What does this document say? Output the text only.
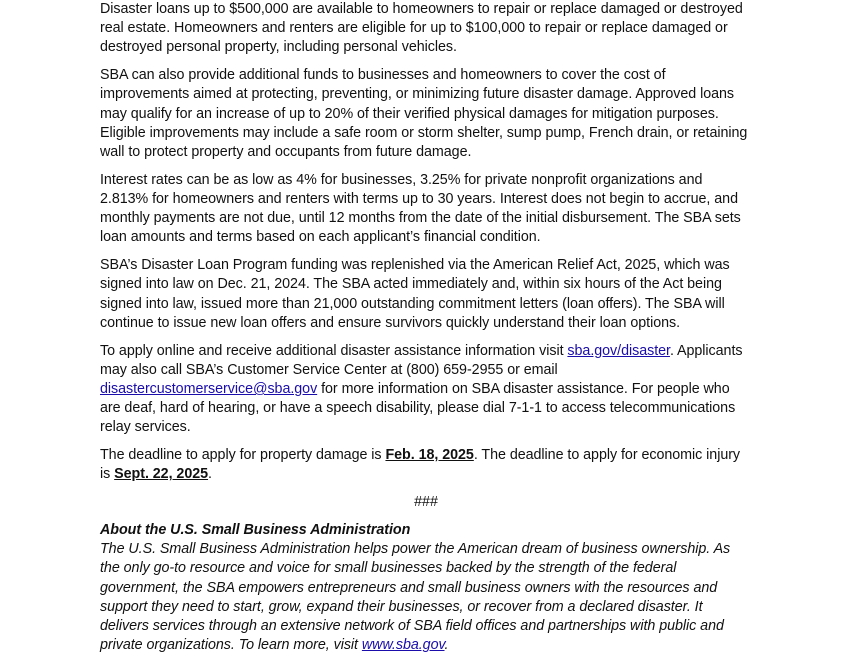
Disaster loans up to $500,000 are available to homeowners to repair or replace damaged or destroyed real estate. Homeowners and renters are eligible for up to $100,000 to repair or replace damaged or destroyed personal property, including personal vehicles.

SBA can also provide additional funds to businesses and homeowners to cover the cost of improvements aimed at protecting, preventing, or minimizing future disaster damage. Approved loans may qualify for an increase of up to 20% of their verified physical damages for mitigation purposes. Eligible improvements may include a safe room or storm shelter, sump pump, French drain, or retaining wall to protect property and occupants from future damage.

Interest rates can be as low as 4% for businesses, 3.25% for private nonprofit organizations and 2.813% for homeowners and renters with terms up to 30 years. Interest does not begin to accrue, and monthly payments are not due, until 12 months from the date of the initial disbursement. The SBA sets loan amounts and terms based on each applicant’s financial condition.

SBA’s Disaster Loan Program funding was replenished via the American Relief Act, 2025, which was signed into law on Dec. 21, 2024. The SBA acted immediately and, within six hours of the Act being signed into law, issued more than 21,000 outstanding commitment letters (loan offers). The SBA will continue to issue new loan offers and ensure survivors quickly understand their loan options.

To apply online and receive additional disaster assistance information visit sba.gov/disaster. Applicants may also call SBA’s Customer Service Center at (800) 659-2955 or email disastercustomerservice@sba.gov for more information on SBA disaster assistance. For people who are deaf, hard of hearing, or have a speech disability, please dial 7-1-1 to access telecommunications relay services.

The deadline to apply for property damage is Feb. 18, 2025. The deadline to apply for economic injury is Sept. 22, 2025.

###
About the U.S. Small Business Administration
The U.S. Small Business Administration helps power the American dream of business ownership. As the only go-to resource and voice for small businesses backed by the strength of the federal government, the SBA empowers entrepreneurs and small business owners with the resources and support they need to start, grow, expand their businesses, or recover from a declared disaster. It delivers services through an extensive network of SBA field offices and partnerships with public and private organizations. To learn more, visit www.sba.gov.
